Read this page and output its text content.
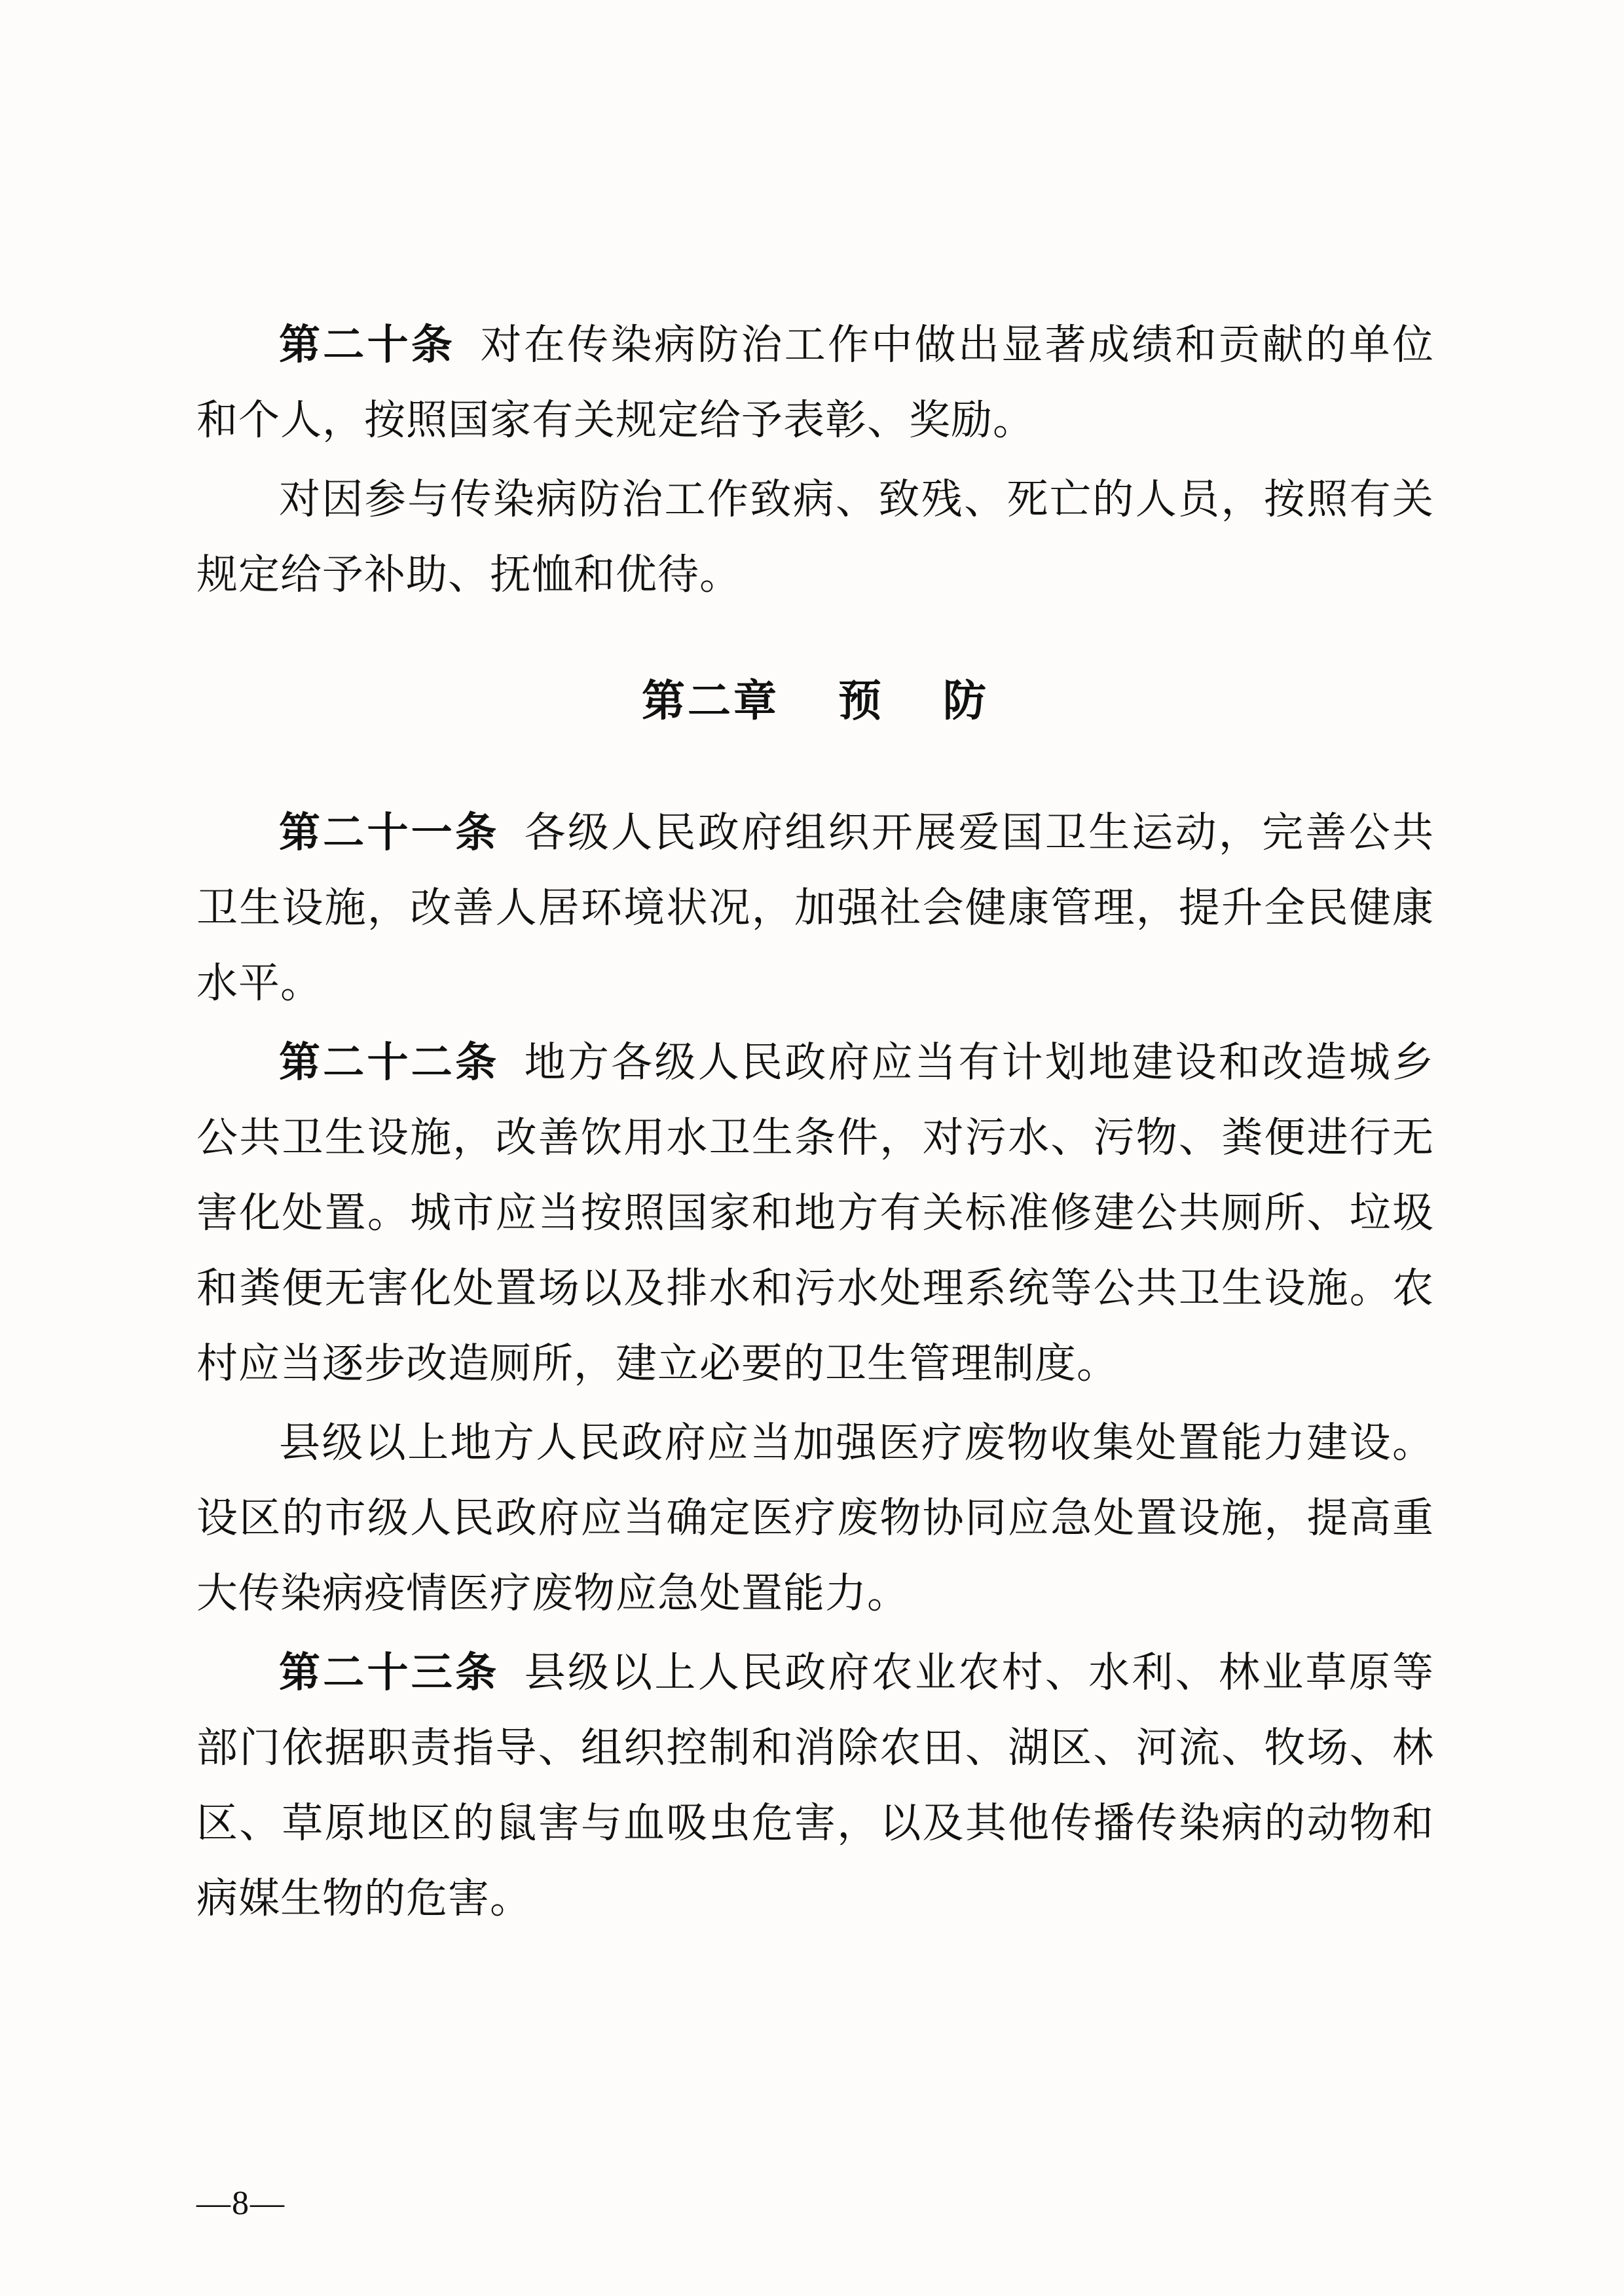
第二十条 对在传染病防治工作中做出显著成绩和贡献的单位和个人，按照国家有关规定给予表彰、奖励。

对因参与传染病防治工作致病、致残、死亡的人员，按照有关规定给予补助、抚恤和优待。

第二章 预 防

第二十一条 各级人民政府组织开展爱国卫生运动，完善公共卫生设施，改善人居环境状况，加强社会健康管理，提升全民健康水平。

第二十二条 地方各级人民政府应当有计划地建设和改造城乡公共卫生设施，改善饮用水卫生条件，对污水、污物、粪便进行无害化处置。城市应当按照国家和地方有关标准修建公共厕所、垃圾和粪便无害化处置场以及排水和污水处理系统等公共卫生设施。农村应当逐步改造厕所，建立必要的卫生管理制度。

县级以上地方人民政府应当加强医疗废物收集处置能力建设。设区的市级人民政府应当确定医疗废物协同应急处置设施，提高重大传染病疫情医疗废物应急处置能力。

第二十三条 县级以上人民政府农业农村、水利、林业草原等部门依据职责指导、组织控制和消除农田、湖区、河流、牧场、林区、草原地区的鼠害与血吸虫危害，以及其他传播传染病的动物和病媒生物的危害。

—8—
